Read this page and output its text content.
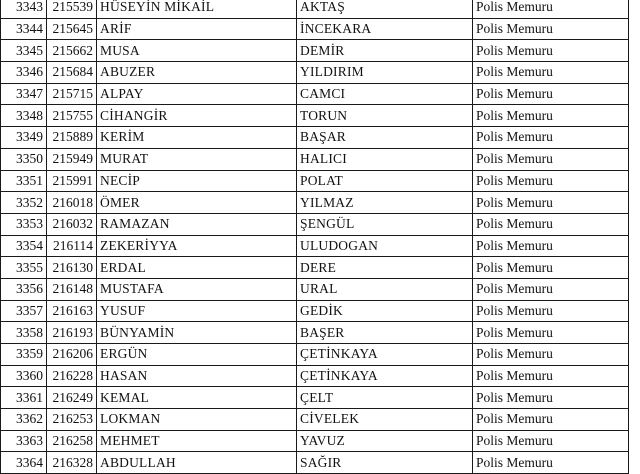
3343	215539	HÜSEYİN MİKAİL	AKTAŞ	Polis Memuru
3344	215645	ARİF	İNCEKARA	Polis Memuru
3345	215662	MUSA	DEMİR	Polis Memuru
3346	215684	ABUZER	YILDIRIM	Polis Memuru
3347	215715	ALPAY	CAMCI	Polis Memuru
3348	215755	CİHANGİR	TORUN	Polis Memuru
3349	215889	KERİM	BAŞAR	Polis Memuru
3350	215949	MURAT	HALICI	Polis Memuru
3351	215991	NECİP	POLAT	Polis Memuru
3352	216018	ÖMER	YILMAZ	Polis Memuru
3353	216032	RAMAZAN	ŞENGÜL	Polis Memuru
3354	216114	ZEKERİYYA	ULUDOGAN	Polis Memuru
3355	216130	ERDAL	DERE	Polis Memuru
3356	216148	MUSTAFA	URAL	Polis Memuru
3357	216163	YUSUF	GEDİK	Polis Memuru
3358	216193	BÜNYAMİN	BAŞER	Polis Memuru
3359	216206	ERGÜN	ÇETİNKAYA	Polis Memuru
3360	216228	HASAN	ÇETİNKAYA	Polis Memuru
3361	216249	KEMAL	ÇELT	Polis Memuru
3362	216253	LOKMAN	CİVELEK	Polis Memuru
3363	216258	MEHMET	YAVUZ	Polis Memuru
3364	216328	ABDULLAH	SAĞIR	Polis Memuru
